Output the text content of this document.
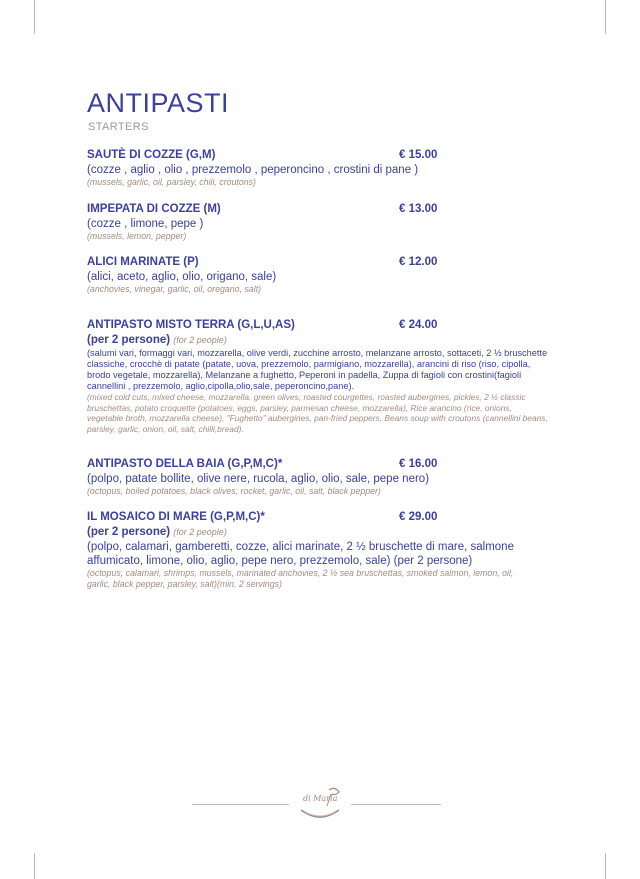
ANTIPASTI
STARTERS
SAUTÈ DI COZZE (G,M)	€ 15.00
(cozze , aglio , olio , prezzemolo , peperoncino , crostini di pane )
(mussels, garlic, oil, parsley, chili, croutons)
IMPEPATA DI COZZE (M)	€ 13.00
(cozze , limone, pepe )
(mussels, lemon, pepper)
ALICI MARINATE (P)	€ 12.00
(alici, aceto, aglio, olio, origano, sale)
(anchovies, vinegar, garlic, oil, oregano, salt)
ANTIPASTO MISTO TERRA (G,L,U,AS)	€ 24.00
(per 2 persone) (for 2 people)
(salumi vari, formaggi vari, mozzarella, olive verdi, zucchine arrosto, melanzane arrosto, sottaceti, 2 ½ bruschette classiche, crocchè di patate (patate, uova, prezzemolo, parmigiano, mozzarella), arancini di riso (riso, cipolla, brodo vegetale, mozzarella), Melanzane a fughetto, Peperoni in padella, Zuppa di fagioli con crostini(fagioli cannellini , prezzemolo, aglio,cipolla,olio,sale, peperoncino,pane).
(mixed cold cuts, mixed cheese, mozzarella, green olives, roasted courgettes, roasted aubergines, pickles, 2 ½ classic bruschettas, potato croquette (potatoes, eggs, parsley, parmesan cheese, mozzarella), Rice arancino (rice, onions, vegetable broth, mozzarella cheese), "Fughetto" aubergines, pan-fried peppers, Beans soup with croutons (cannellini beans, parsley, garlic, onion, oil, salt, chilli,bread).
ANTIPASTO DELLA BAIA (G,P,M,C)*	€ 16.00
(polpo, patate bollite, olive nere, rucola, aglio, olio, sale, pepe nero)
(octopus, boiled potatoes, black olives, rocket, garlic, oil, salt, black pepper)
IL MOSAICO DI MARE (G,P,M,C)*	€ 29.00
(per 2 persone) (for 2 people)
(polpo, calamari, gamberetti, cozze, alici marinate, 2 ½ bruschette di mare, salmone affumicato, limone, olio, aglio, pepe nero, prezzemolo, sale) (per 2 persone)
(octopus, calamari, shrimps, mussels, marinated anchovies, 2 ½ sea bruschettas, smoked salmon, lemon, oil, garlic, black pepper, parsley, salt)(min. 2 servings)
di Maria
